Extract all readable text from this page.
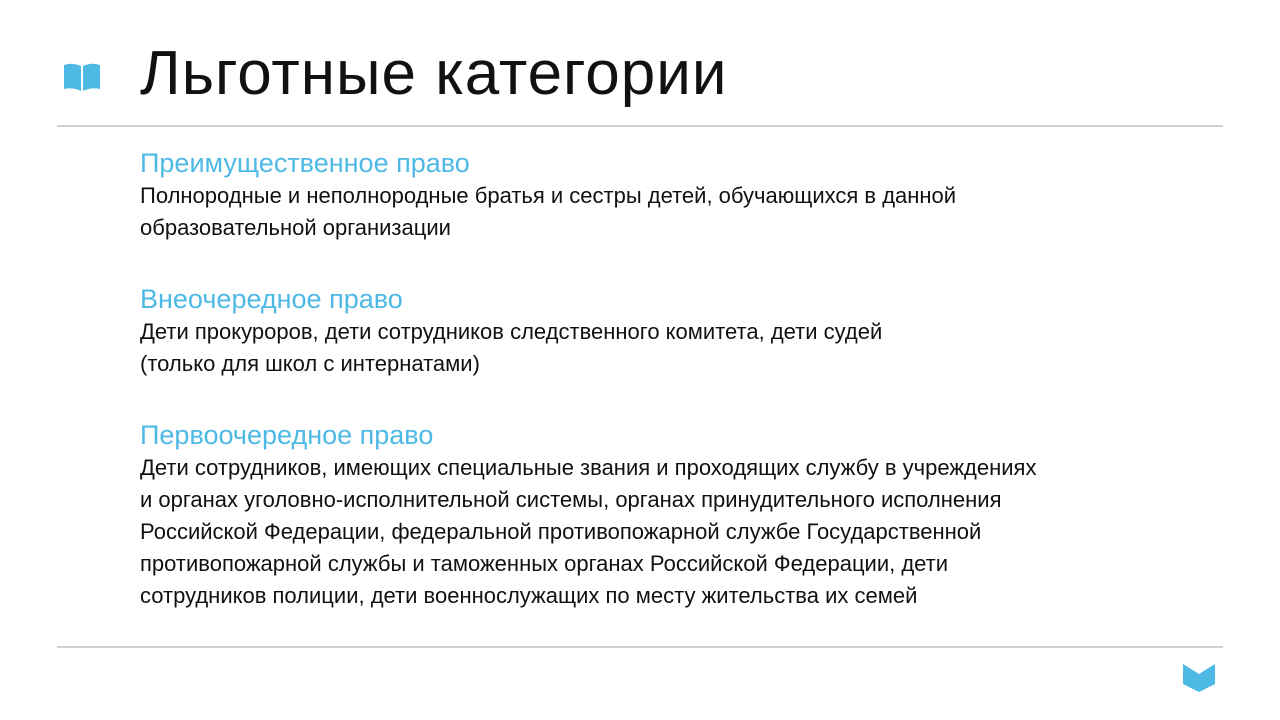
Льготные категории

Преимущественное право

Полнородные и неполнородные братья и сестры детей, обучающихся в данной
образовательной организации

Внеочередное право

Дети прокуроров, дети сотрудников следственного комитета, дети судей
(только для школ с интернатами)

Первоочередное право

Дети сотрудников, имеющих специальные звания и проходящих службу в учреждениях
и органах уголовно-исполнительной системы, органах принудительного исполнения
Российской Федерации, федеральной противопожарной службе Государственной
противопожарной службы и таможенных органах Российской Федерации, дети
сотрудников полиции, дети военнослужащих по месту жительства их семей
